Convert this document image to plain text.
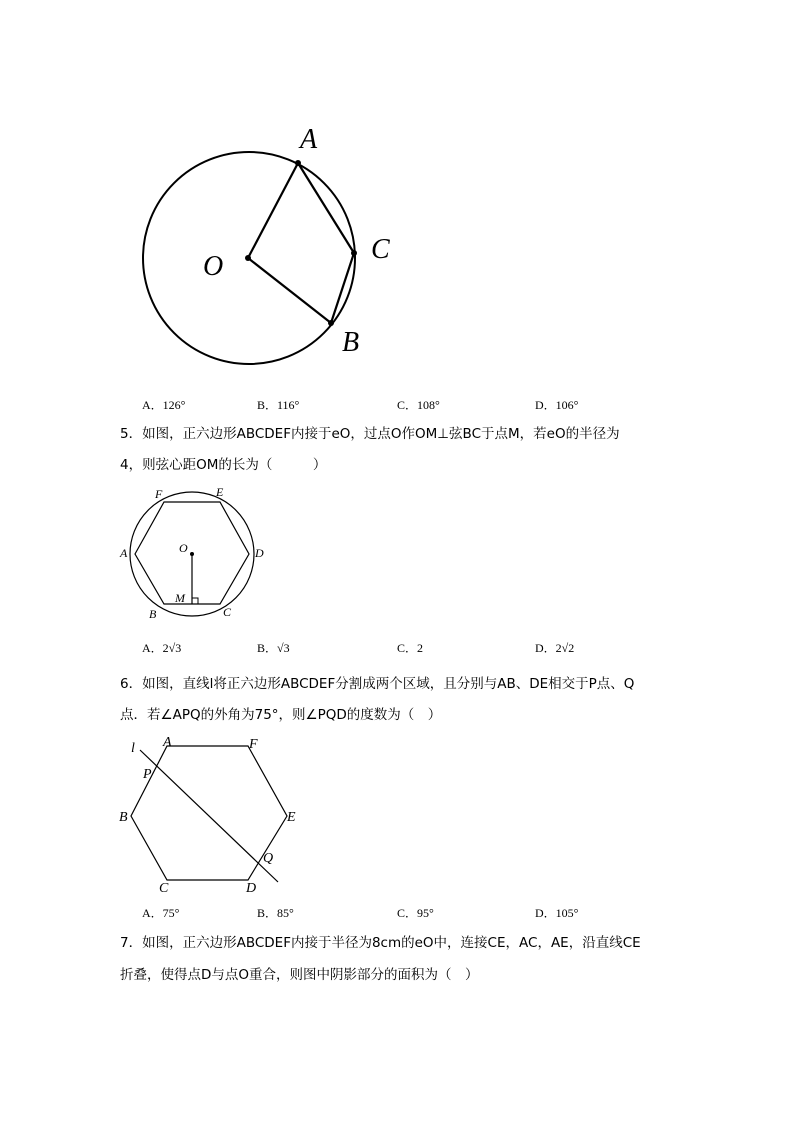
A
O
C
B
A．126°	B．116°	C．108°	D．106°
5．如图，正六边形ABCDEF内接于eO，过点O作OM⊥弦BC于点M，若eO的半径为
4，则弦心距OM的长为（　　　）
F	E
A	D
O
M
B	C
A．2√3	B．√3	C．2	D．2√2
6．如图，直线l将正六边形ABCDEF分割成两个区域，且分别与AB、DE相交于P点、Q
点．若∠APQ的外角为75°，则∠PQD的度数为（　）
l A	F
P
B	E
Q
C	D
A．75°	B．85°	C．95°	D．105°
7．如图，正六边形ABCDEF内接于半径为8cm的eO中，连接CE，AC，AE，沿直线CE
折叠，使得点D与点O重合，则图中阴影部分的面积为（　）
